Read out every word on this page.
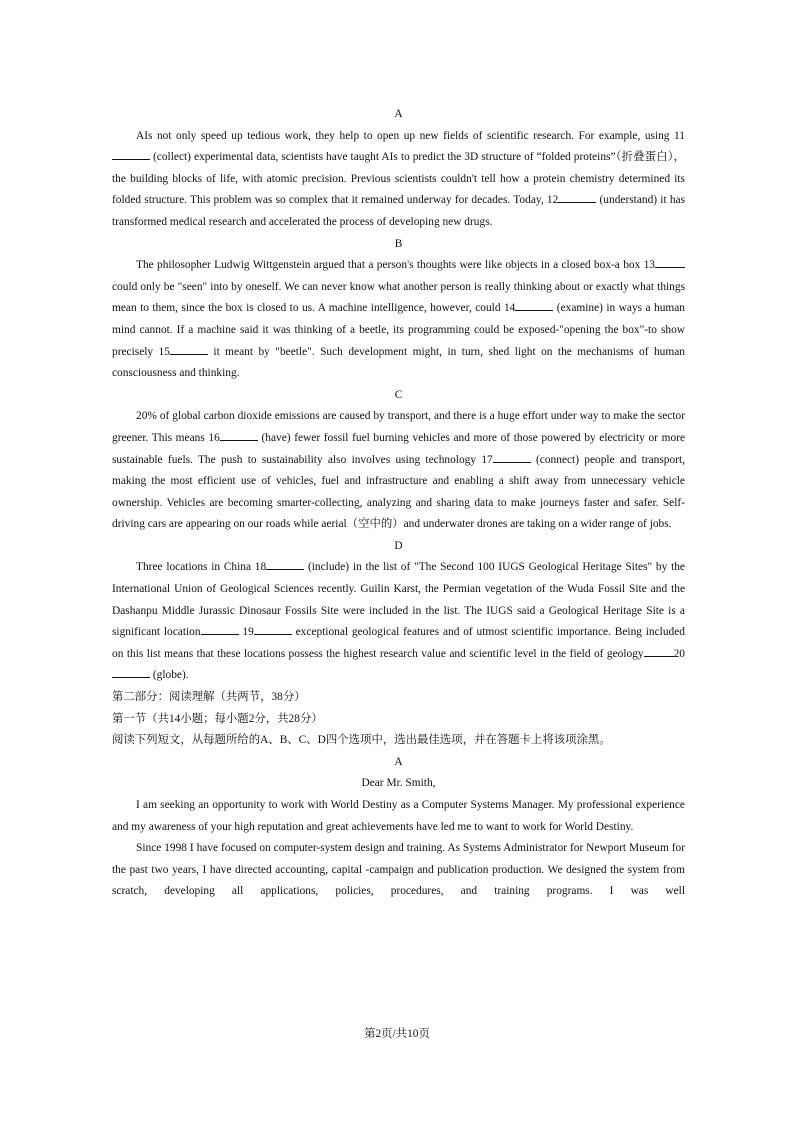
A

AIs not only speed up tedious work, they help to open up new fields of scientific research. For example, using 11 (collect) experimental data, scientists have taught AIs to predict the 3D structure of “folded proteins”（折叠蛋白），the building blocks of life, with atomic precision. Previous scientists couldn't tell how a protein chemistry determined its folded structure. This problem was so complex that it remained underway for decades. Today, 12	(understand) it has transformed medical research and accelerated the process of developing new drugs.

B

The philosopher Ludwig Wittgenstein argued that a person's thoughts were like objects in a closed box-a box 13 could only be "seen" into by oneself. We can never know what another person is really thinking about or exactly what things mean to them, since the box is closed to us. A machine intelligence, however, could 14	(examine) in ways a human mind cannot. If a machine said it was thinking of a beetle, its programming could be exposed-"opening the box"-to show precisely 15	it meant by "beetle". Such development might, in turn, shed light on the mechanisms of human consciousness and thinking.

C

20% of global carbon dioxide emissions are caused by transport, and there is a huge effort under way to make the sector greener. This means 16	(have) fewer fossil fuel burning vehicles and more of those powered by electricity or more sustainable fuels. The push to sustainability also involves using technology 17	(connect) people and transport, making the most efficient use of vehicles, fuel and infrastructure and enabling a shift away from unnecessary vehicle ownership. Vehicles are becoming smarter-collecting, analyzing and sharing data to make journeys faster and safer. Self-driving cars are appearing on our roads while aerial（空中的）and underwater drones are taking on a wider range of jobs.

D

Three locations in China 18	(include) in the list of "The Second 100 IUGS Geological Heritage Sites" by the International Union of Geological Sciences recently. Guilin Karst, the Permian vegetation of the Wuda Fossil Site and the Dashanpu Middle Jurassic Dinosaur Fossils Site were included in the list. The IUGS said a Geological Heritage Site is a significant location	19	exceptional geological features and of utmost scientific importance. Being included on this list means that these locations possess the highest research value and scientific level in the field of geology	20 (globe).

第二部分：阅读理解（共两节，38分）

第一节（共14小题；每小题2分，共28分）

阅读下列短文，从每题所给的A、B、C、D四个选项中，选出最佳选项，并在答题卡上将该项涂黑。

A

Dear Mr. Smith,

I am seeking an opportunity to work with World Destiny as a Computer Systems Manager. My professional experience and my awareness of your high reputation and great achievements have led me to want to work for World Destiny.

Since 1998 I have focused on computer-system design and training. As Systems Administrator for Newport Museum for the past two years, I have directed accounting, capital -campaign and publication production. We designed the system from scratch, developing all applications, policies, procedures, and training programs. I was well

第2页/共10页
